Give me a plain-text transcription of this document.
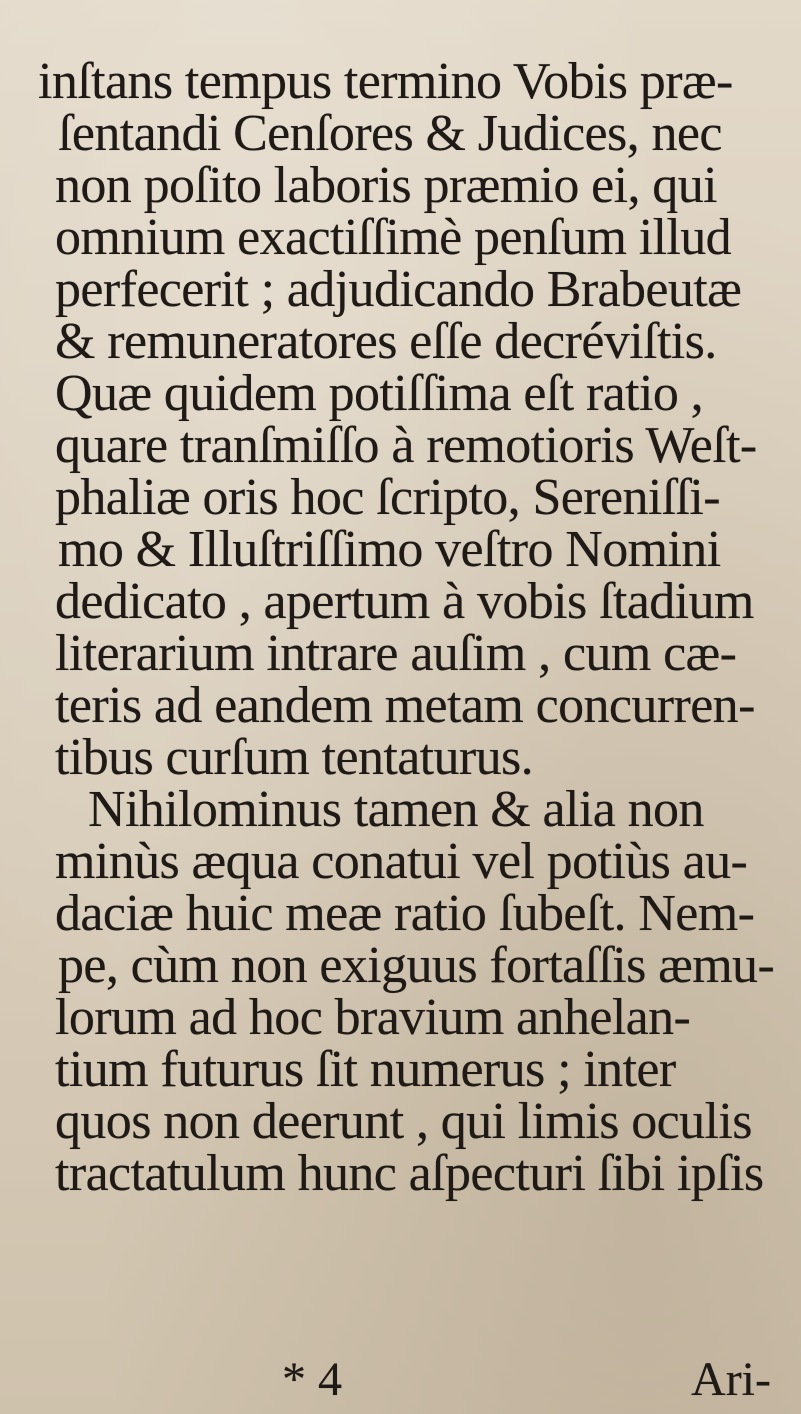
inſtans tempus termino Vobis præ-
ſentandi Cenſores & Judices, nec
non poſito laboris præmio ei, qui
omnium exactiſſimè penſum illud
perfecerit ; adjudicando Brabeutæ
& remuneratores eſſe decréviſtis.
Quæ quidem potiſſima eſt ratio ,
quare tranſmiſſo à remotioris Weſt-
phaliæ oris hoc ſcripto, Sereniſſi-
mo & Illuſtriſſimo veſtro Nomini
dedicato , apertum à vobis ſtadium
literarium intrare auſim , cum cæ-
teris ad eandem metam concurren-
tibus curſum tentaturus.
Nihilominus tamen & alia non
minùs æqua conatui vel potiùs au-
daciæ huic meæ ratio ſubeſt. Nem-
pe, cùm non exiguus fortaſſis æmu-
lorum ad hoc bravium anhelan-
tium futurus ſit numerus ; inter
quos non deerunt , qui limis oculis
tractatulum hunc aſpecturi ſibi ipſis
* 4	Ari-
